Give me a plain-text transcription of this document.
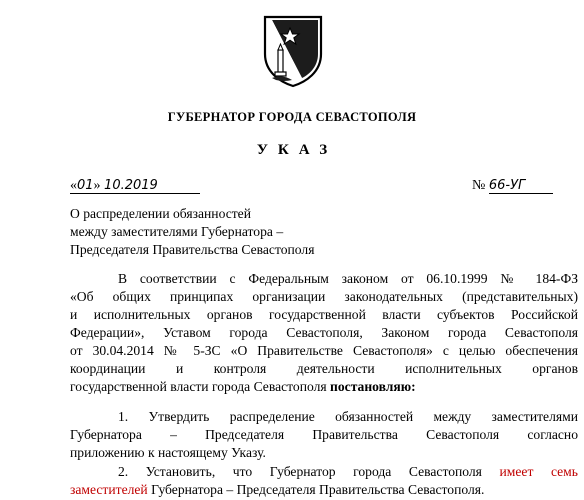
ГУБЕРНАТОР ГОРОДА СЕВАСТОПОЛЯ
УКАЗ
«01» 10.2019	№ 66-УГ
О распределении обязанностей
между заместителями Губернатора –
Председателя Правительства Севастополя
В соответствии с Федеральным законом от 06.10.1999 № 184-ФЗ
«Об общих принципах организации законодательных (представительных)
и исполнительных органов государственной власти субъектов Российской
Федерации», Уставом города Севастополя, Законом города Севастополя
от 30.04.2014 № 5-ЗС «О Правительстве Севастополя» с целью обеспечения
координации и контроля деятельности исполнительных органов
государственной власти города Севастополя постановляю:
1. Утвердить распределение обязанностей между заместителями
Губернатора – Председателя Правительства Севастополя согласно
приложению к настоящему Указу.
2. Установить, что Губернатор города Севастополя имеет семь
заместителей Губернатора – Председателя Правительства Севастополя.
